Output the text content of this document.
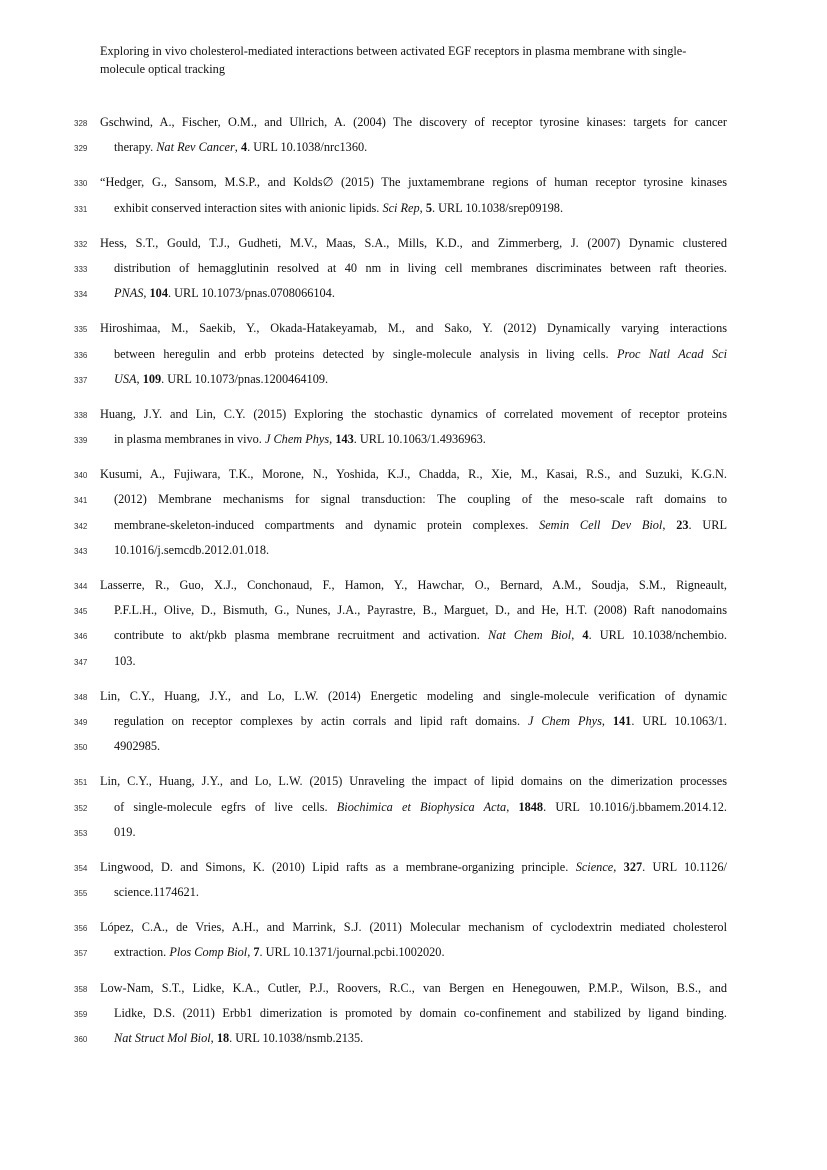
Exploring in vivo cholesterol-mediated interactions between activated EGF receptors in plasma membrane with single-molecule optical tracking
328 Gschwind, A., Fischer, O.M., and Ullrich, A. (2004) The discovery of receptor tyrosine kinases: targets for cancer
329 therapy. Nat Rev Cancer, 4. URL 10.1038/nrc1360.
330 “Hedger, G., Sansom, M.S.P., and Kolds∅ (2015) The juxtamembrane regions of human receptor tyrosine kinases
331 exhibit conserved interaction sites with anionic lipids. Sci Rep, 5. URL 10.1038/srep09198.
332 Hess, S.T., Gould, T.J., Gudheti, M.V., Maas, S.A., Mills, K.D., and Zimmerberg, J. (2007) Dynamic clustered
333 distribution of hemagglutinin resolved at 40 nm in living cell membranes discriminates between raft theories.
334 PNAS, 104. URL 10.1073/pnas.0708066104.
335 Hiroshimaa, M., Saekib, Y., Okada-Hatakeyamab, M., and Sako, Y. (2012) Dynamically varying interactions
336 between heregulin and erbb proteins detected by single-molecule analysis in living cells. Proc Natl Acad Sci
337 USA, 109. URL 10.1073/pnas.1200464109.
338 Huang, J.Y. and Lin, C.Y. (2015) Exploring the stochastic dynamics of correlated movement of receptor proteins
339 in plasma membranes in vivo. J Chem Phys, 143. URL 10.1063/1.4936963.
340 Kusumi, A., Fujiwara, T.K., Morone, N., Yoshida, K.J., Chadda, R., Xie, M., Kasai, R.S., and Suzuki, K.G.N.
341 (2012) Membrane mechanisms for signal transduction: The coupling of the meso-scale raft domains to
342 membrane-skeleton-induced compartments and dynamic protein complexes. Semin Cell Dev Biol, 23. URL
343 10.1016/j.semcdb.2012.01.018.
344 Lasserre, R., Guo, X.J., Conchonaud, F., Hamon, Y., Hawchar, O., Bernard, A.M., Soudja, S.M., Rigneault,
345 P.F.L.H., Olive, D., Bismuth, G., Nunes, J.A., Payrastre, B., Marguet, D., and He, H.T. (2008) Raft nanodomains
346 contribute to akt/pkb plasma membrane recruitment and activation. Nat Chem Biol, 4. URL 10.1038/nchembio.
347 103.
348 Lin, C.Y., Huang, J.Y., and Lo, L.W. (2014) Energetic modeling and single-molecule verification of dynamic
349 regulation on receptor complexes by actin corrals and lipid raft domains. J Chem Phys, 141. URL 10.1063/1.
350 4902985.
351 Lin, C.Y., Huang, J.Y., and Lo, L.W. (2015) Unraveling the impact of lipid domains on the dimerization processes
352 of single-molecule egfrs of live cells. Biochimica et Biophysica Acta, 1848. URL 10.1016/j.bbamem.2014.12.
353 019.
354 Lingwood, D. and Simons, K. (2010) Lipid rafts as a membrane-organizing principle. Science, 327. URL 10.1126/
355 science.1174621.
356 López, C.A., de Vries, A.H., and Marrink, S.J. (2011) Molecular mechanism of cyclodextrin mediated cholesterol
357 extraction. Plos Comp Biol, 7. URL 10.1371/journal.pcbi.1002020.
358 Low-Nam, S.T., Lidke, K.A., Cutler, P.J., Roovers, R.C., van Bergen en Henegouwen, P.M.P., Wilson, B.S., and
359 Lidke, D.S. (2011) Erbb1 dimerization is promoted by domain co-confinement and stabilized by ligand binding.
360 Nat Struct Mol Biol, 18. URL 10.1038/nsmb.2135.
